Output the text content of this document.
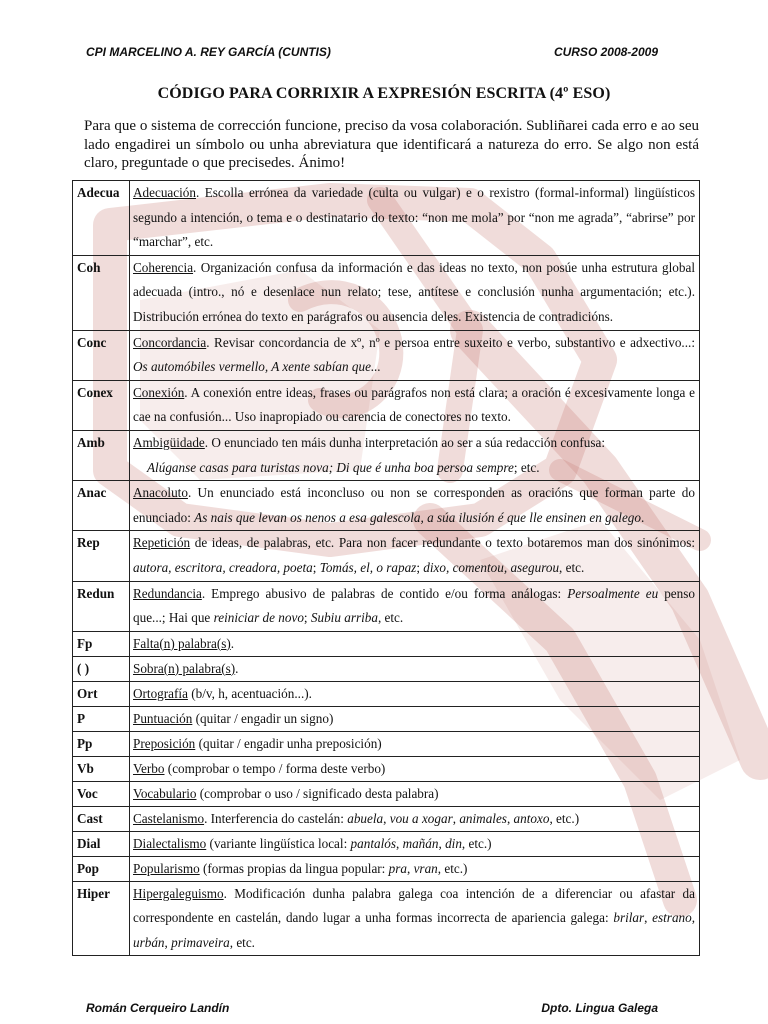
CPI MARCELINO A. REY GARCÍA (CUNTIS)	CURSO 2008-2009
CÓDIGO PARA CORRIXIR A EXPRESIÓN ESCRITA (4º ESO)
Para que o sistema de corrección funcione, preciso da vosa colaboración. Subliñarei cada erro e ao seu lado engadirei un símbolo ou unha abreviatura que identificará a natureza do erro. Se algo non está claro, preguntade o que precisedes. Ánimo!
Adecua	Adecuación. Escolla errónea da variedade (culta ou vulgar) e o rexistro (formal-informal) lingüísticos segundo a intención, o tema e o destinatario do texto: “non me mola” por “non me agrada”, “abrirse” por “marchar”, etc.
Coh	Coherencia. Organización confusa da información e das ideas no texto, non posúe unha estrutura global adecuada (intro., nó e desenlace nun relato; tese, antítese e conclusión nunha argumentación; etc.). Distribución errónea do texto en parágrafos ou ausencia deles. Existencia de contradicións.
Conc	Concordancia. Revisar concordancia de xº, nº e persoa entre suxeito e verbo, substantivo e adxectivo...: Os automóbiles vermello, A xente sabían que...
Conex	Conexión. A conexión entre ideas, frases ou parágrafos non está clara; a oración é excesivamente longa e cae na confusión... Uso inapropiado ou carencia de conectores no texto.
Amb	Ambigüidade. O enunciado ten máis dunha interpretación ao ser a súa redacción confusa:
Alúganse casas para turistas nova; Di que é unha boa persoa sempre; etc.
Anac	Anacoluto. Un enunciado está inconcluso ou non se corresponden as oracións que forman parte do enunciado: As nais que levan os nenos a esa galescola, a súa ilusión é que lle ensinen en galego.
Rep	Repetición de ideas, de palabras, etc. Para non facer redundante o texto botaremos man dos sinónimos: autora, escritora, creadora, poeta; Tomás, el, o rapaz; dixo, comentou, asegurou, etc.
Redun	Redundancia. Emprego abusivo de palabras de contido e/ou forma análogas: Persoalmente eu penso que...; Hai que reiniciar de novo; Subiu arriba, etc.
Fp	Falta(n) palabra(s).
( )	Sobra(n) palabra(s).
Ort	Ortografía (b/v, h, acentuación...).
P	Puntuación (quitar / engadir un signo)
Pp	Preposición (quitar / engadir unha preposición)
Vb	Verbo (comprobar o tempo / forma deste verbo)
Voc	Vocabulario (comprobar o uso / significado desta palabra)
Cast	Castelanismo. Interferencia do castelán: abuela, vou a xogar, animales, antoxo, etc.)
Dial	Dialectalismo (variante lingüística local: pantalós, mañán, din, etc.)
Pop	Popularismo (formas propias da lingua popular: pra, vran, etc.)
Hiper	Hipergaleguismo. Modificación dunha palabra galega coa intención de a diferenciar ou afastar da correspondente en castelán, dando lugar a unha formas incorrecta de apariencia galega: brilar, estrano, urbán, primaveira, etc.
Román Cerqueiro Landín	Dpto. Lingua Galega
